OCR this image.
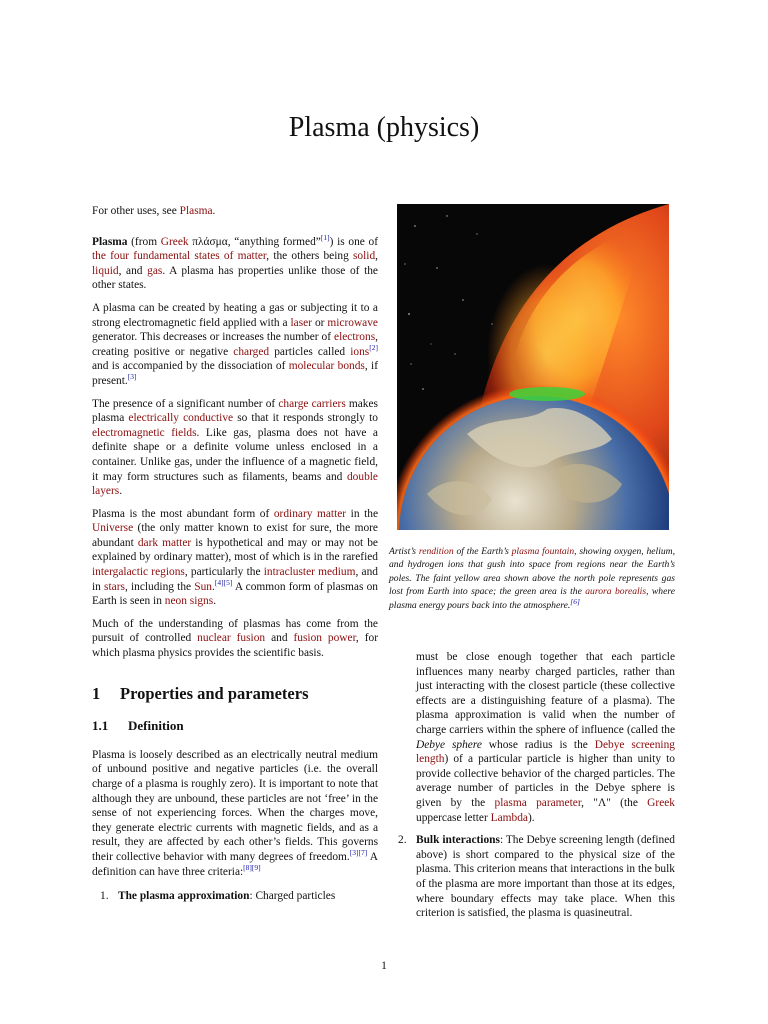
Plasma (physics)

For other uses, see Plasma.

Plasma (from Greek πλάσμα, “anything formed”[1]) is one of the four fundamental states of matter, the others being solid, liquid, and gas. A plasma has properties unlike those of the other states.

A plasma can be created by heating a gas or subjecting it to a strong electromagnetic field applied with a laser or microwave generator. This decreases or increases the number of electrons, creating positive or negative charged particles called ions[2] and is accompanied by the dissociation of molecular bonds, if present.[3]

The presence of a significant number of charge carriers makes plasma electrically conductive so that it responds strongly to electromagnetic fields. Like gas, plasma does not have a definite shape or a definite volume unless enclosed in a container. Unlike gas, under the influence of a magnetic field, it may form structures such as filaments, beams and double layers.

Plasma is the most abundant form of ordinary matter in the Universe (the only matter known to exist for sure, the more abundant dark matter is hypothetical and may or may not be explained by ordinary matter), most of which is in the rarefied intergalactic regions, particularly the intracluster medium, and in stars, including the Sun.[4][5] A common form of plasmas on Earth is seen in neon signs.

Much of the understanding of plasmas has come from the pursuit of controlled nuclear fusion and fusion power, for which plasma physics provides the scientific basis.

1 Properties and parameters
1.1 Definition

Plasma is loosely described as an electrically neutral medium of unbound positive and negative particles (i.e. the overall charge of a plasma is roughly zero). It is important to note that although they are unbound, these particles are not ‘free’ in the sense of not experiencing forces. When the charges move, they generate electric currents with magnetic fields, and as a result, they are affected by each other’s fields. This governs their collective behavior with many degrees of freedom.[3][7] A definition can have three criteria:[8][9]

1. The plasma approximation: Charged particles
Artist’s rendition of the Earth’s plasma fountain, showing oxygen, helium, and hydrogen ions that gush into space from regions near the Earth’s poles. The faint yellow area shown above the north pole represents gas lost from Earth into space; the green area is the aurora borealis, where plasma energy pours back into the atmosphere.[6]

must be close enough together that each particle influences many nearby charged particles, rather than just interacting with the closest particle (these collective effects are a distinguishing feature of a plasma). The plasma approximation is valid when the number of charge carriers within the sphere of influence (called the Debye sphere whose radius is the Debye screening length) of a particular particle is higher than unity to provide collective behavior of the charged particles. The average number of particles in the Debye sphere is given by the plasma parameter, "Λ" (the Greek uppercase letter Lambda).

2. Bulk interactions: The Debye screening length (defined above) is short compared to the physical size of the plasma. This criterion means that interactions in the bulk of the plasma are more important than those at its edges, where boundary effects may take place. When this criterion is satisfied, the plasma is quasineutral.
1
